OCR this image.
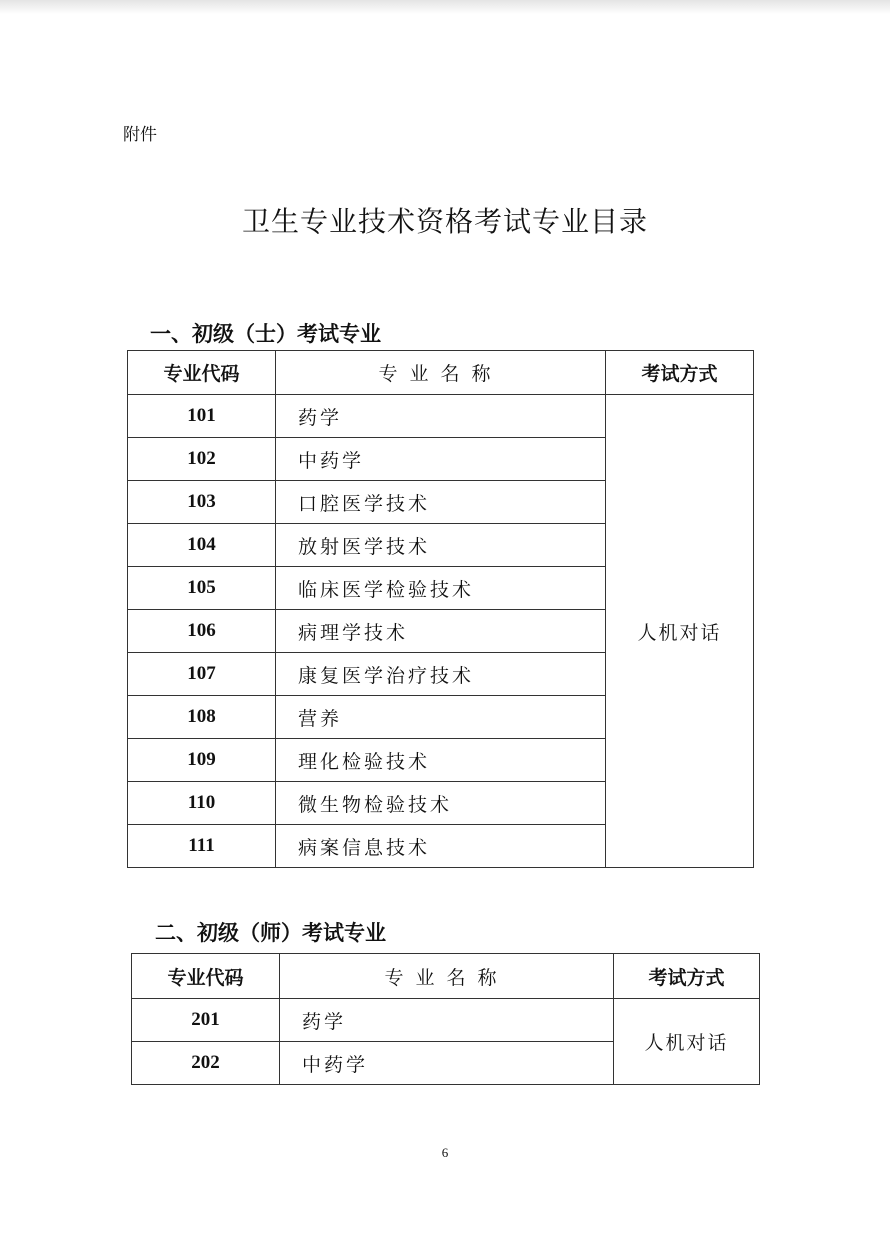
附件
卫生专业技术资格考试专业目录
一、初级（士）考试专业
专业代码	专业名称	考试方式
101	药学	人机对话
102	中药学	
103	口腔医学技术	
104	放射医学技术	
105	临床医学检验技术	
106	病理学技术	
107	康复医学治疗技术	
108	营养	
109	理化检验技术	
110	微生物检验技术	
111	病案信息技术	
二、初级（师）考试专业
专业代码	专业名称	考试方式
201	药学	人机对话
202	中药学	
6
